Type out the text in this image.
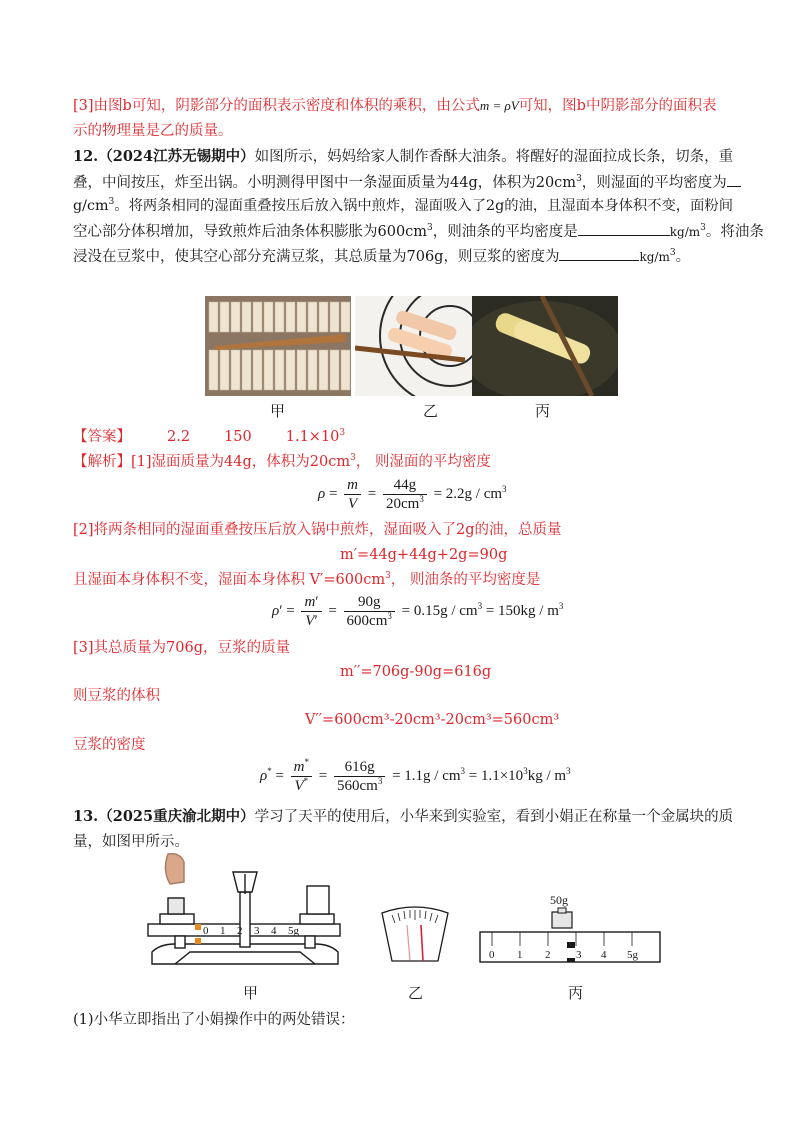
[3]由图b可知，阴影部分的面积表示密度和体积的乘积，由公式m = ρV可知，图b中阴影部分的面积表
示的物理量是乙的质量。
12.（2024江苏无锡期中）如图所示，妈妈给家人制作香酥大油条。将醒好的湿面拉成长条，切条，重
叠，中间按压，炸至出锅。小明测得甲图中一条湿面质量为44g，体积为$20cm^3$，则湿面的平均密度为
$g/cm^3$。将两条相同的湿面重叠按压后放入锅中煎炸，湿面吸入了2g的油，且湿面本身体积不变，面粉间
空心部分体积增加，导致煎炸后油条体积膨胀为$600cm^3$，则油条的平均密度是	$kg/m^3$。将油条
浸没在豆浆中，使其空心部分充满豆浆，其总质量为706g，则豆浆的密度为	$kg/m^3$。
甲	乙	丙
【答案】 2.2 150 $1.1\times 10^3$
【解析】[1]湿面质量为44g，体积为$20cm^3$， 则湿面的平均密度
$\rho = \frac{m}{V} = \frac{44g}{20cm^3} = 2.2g / cm^3$
[2]将两条相同的湿面重叠按压后放入锅中煎炸，湿面吸入了2g的油，总质量
m′=44g+44g+2g=90g
且湿面本身体积不变，湿面本身体积 $V'=600cm^3$， 则油条的平均密度是
$\rho' = \frac{m'}{V'} = \frac{90g}{600cm^3} = 0.15g / cm^3 = 150kg / m^3$
[3]其总质量为706g，豆浆的质量
m′′=706g-90g=616g
则豆浆的体积
V′′=600cm³-20cm³-20cm³=560cm³
豆浆的密度
$\rho^* = \frac{m^*}{V^*} = \frac{616g}{560cm^3} = 1.1g / cm^3 = 1.1\times 10^3kg / m^3$
13.（2025重庆渝北期中）学习了天平的使用后，小华来到实验室，看到小娟正在称量一个金属块的质
量，如图甲所示。
0 1 2 3 4 5g
50g
0 1 2 3 4 5g
甲	乙	丙
(1)小华立即指出了小娟操作中的两处错误：
